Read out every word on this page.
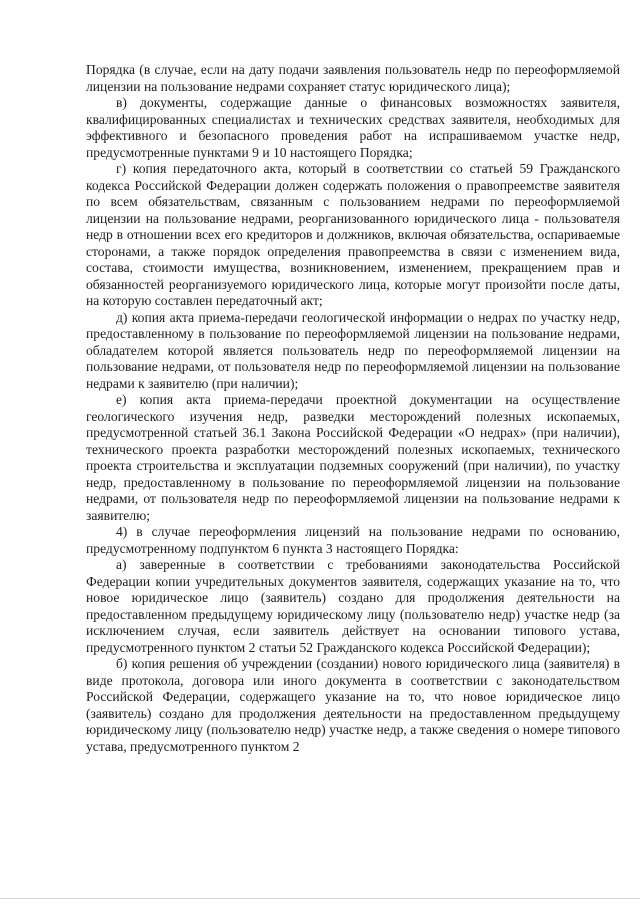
Порядка (в случае, если на дату подачи заявления пользователь недр по переоформляемой лицензии на пользование недрами сохраняет статус юридического лица);

в) документы, содержащие данные о финансовых возможностях заявителя, квалифицированных специалистах и технических средствах заявителя, необходимых для эффективного и безопасного проведения работ на испрашиваемом участке недр, предусмотренные пунктами 9 и 10 настоящего Порядка;

г) копия передаточного акта, который в соответствии со статьей 59 Гражданского кодекса Российской Федерации должен содержать положения о правопреемстве заявителя по всем обязательствам, связанным с пользованием недрами по переоформляемой лицензии на пользование недрами, реорганизованного юридического лица - пользователя недр в отношении всех его кредиторов и должников, включая обязательства, оспариваемые сторонами, а также порядок определения правопреемства в связи с изменением вида, состава, стоимости имущества, возникновением, изменением, прекращением прав и обязанностей реорганизуемого юридического лица, которые могут произойти после даты, на которую составлен передаточный акт;

д) копия акта приема-передачи геологической информации о недрах по участку недр, предоставленному в пользование по переоформляемой лицензии на пользование недрами, обладателем которой является пользователь недр по переоформляемой лицензии на пользование недрами, от пользователя недр по переоформляемой лицензии на пользование недрами к заявителю (при наличии);

е) копия акта приема-передачи проектной документации на осуществление геологического изучения недр, разведки месторождений полезных ископаемых, предусмотренной статьей 36.1 Закона Российской Федерации «О недрах» (при наличии), технического проекта разработки месторождений полезных ископаемых, технического проекта строительства и эксплуатации подземных сооружений (при наличии), по участку недр, предоставленному в пользование по переоформляемой лицензии на пользование недрами, от пользователя недр по переоформляемой лицензии на пользование недрами к заявителю;

4) в случае переоформления лицензий на пользование недрами по основанию, предусмотренному подпунктом 6 пункта 3 настоящего Порядка:

а) заверенные в соответствии с требованиями законодательства Российской Федерации копии учредительных документов заявителя, содержащих указание на то, что новое юридическое лицо (заявитель) создано для продолжения деятельности на предоставленном предыдущему юридическому лицу (пользователю недр) участке недр (за исключением случая, если заявитель действует на основании типового устава, предусмотренного пунктом 2 статьи 52 Гражданского кодекса Российской Федерации);

б) копия решения об учреждении (создании) нового юридического лица (заявителя) в виде протокола, договора или иного документа в соответствии с законодательством Российской Федерации, содержащего указание на то, что новое юридическое лицо (заявитель) создано для продолжения деятельности на предоставленном предыдущему юридическому лицу (пользователю недр) участке недр, а также сведения о номере типового устава, предусмотренного пунктом 2
